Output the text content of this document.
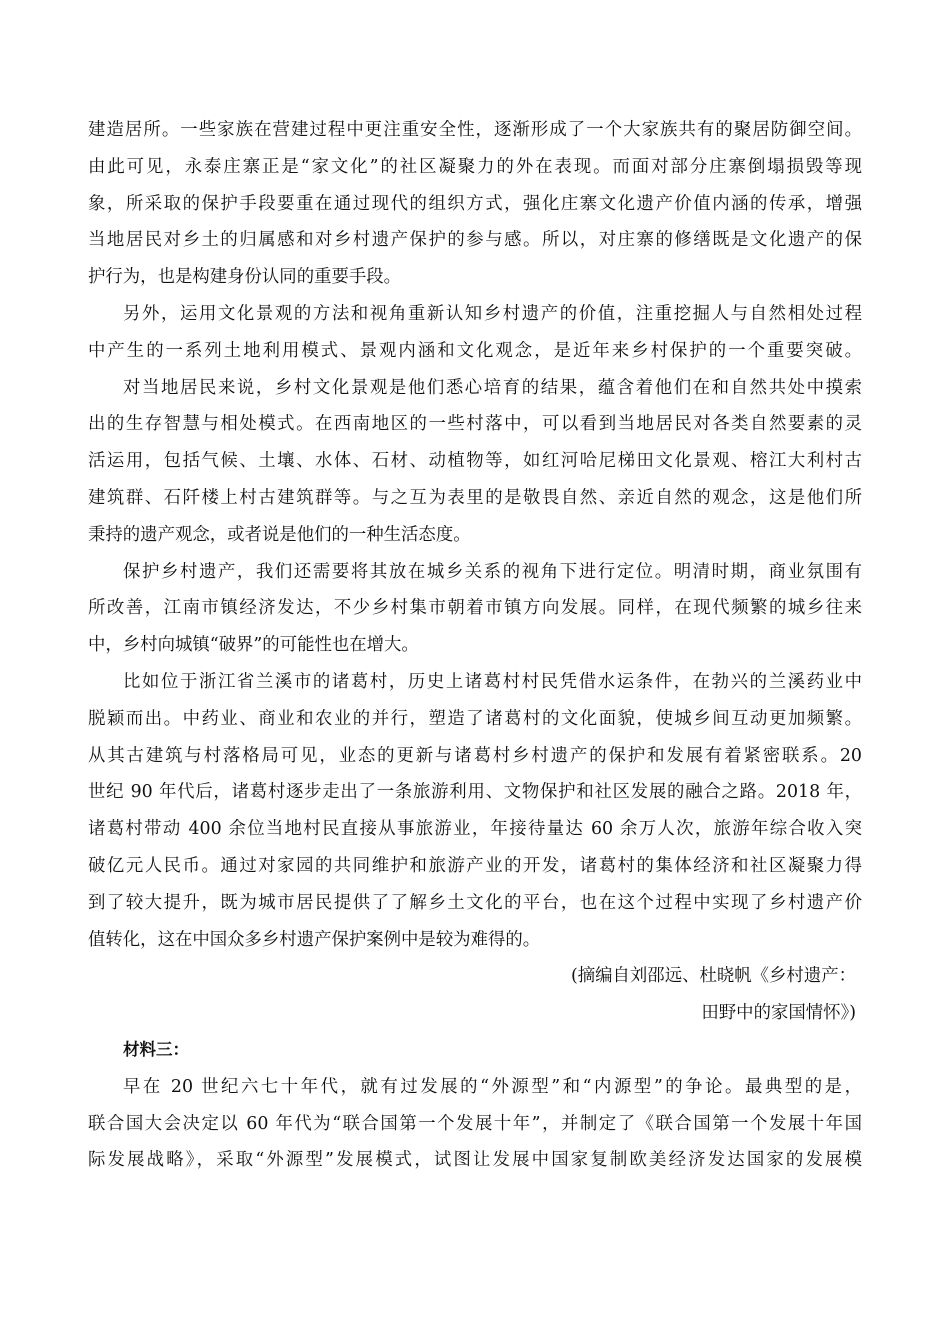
建造居所。一些家族在营建过程中更注重安全性，逐渐形成了一个大家族共有的聚居防御空间。
由此可见，永泰庄寨正是“家文化”的社区凝聚力的外在表现。而面对部分庄寨倒塌损毁等现
象，所采取的保护手段要重在通过现代的组织方式，强化庄寨文化遗产价值内涵的传承，增强
当地居民对乡土的归属感和对乡村遗产保护的参与感。所以，对庄寨的修缮既是文化遗产的保
护行为，也是构建身份认同的重要手段。
另外，运用文化景观的方法和视角重新认知乡村遗产的价值，注重挖掘人与自然相处过程
中产生的一系列土地利用模式、景观内涵和文化观念，是近年来乡村保护的一个重要突破。
对当地居民来说，乡村文化景观是他们悉心培育的结果，蕴含着他们在和自然共处中摸索
出的生存智慧与相处模式。在西南地区的一些村落中，可以看到当地居民对各类自然要素的灵
活运用，包括气候、土壤、水体、石材、动植物等，如红河哈尼梯田文化景观、榕江大利村古
建筑群、石阡楼上村古建筑群等。与之互为表里的是敬畏自然、亲近自然的观念，这是他们所
秉持的遗产观念，或者说是他们的一种生活态度。
保护乡村遗产，我们还需要将其放在城乡关系的视角下进行定位。明清时期，商业氛围有
所改善，江南市镇经济发达，不少乡村集市朝着市镇方向发展。同样，在现代频繁的城乡往来
中，乡村向城镇“破界”的可能性也在增大。
比如位于浙江省兰溪市的诸葛村，历史上诸葛村村民凭借水运条件，在勃兴的兰溪药业中
脱颖而出。中药业、商业和农业的并行，塑造了诸葛村的文化面貌，使城乡间互动更加频繁。
从其古建筑与村落格局可见，业态的更新与诸葛村乡村遗产的保护和发展有着紧密联系。20
世纪 90 年代后，诸葛村逐步走出了一条旅游利用、文物保护和社区发展的融合之路。2018 年，
诸葛村带动 400 余位当地村民直接从事旅游业，年接待量达 60 余万人次，旅游年综合收入突
破亿元人民币。通过对家园的共同维护和旅游产业的开发，诸葛村的集体经济和社区凝聚力得
到了较大提升，既为城市居民提供了了解乡土文化的平台，也在这个过程中实现了乡村遗产价
值转化，这在中国众多乡村遗产保护案例中是较为难得的。
(摘编自刘邵远、杜晓帆《乡村遗产：
田野中的家国情怀》)
材料三：
早在 20 世纪六七十年代，就有过发展的“外源型”和“内源型”的争论。最典型的是，
联合国大会决定以 60 年代为“联合国第一个发展十年”，并制定了《联合国第一个发展十年国
际发展战略》，采取“外源型”发展模式，试图让发展中国家复制欧美经济发达国家的发展模
